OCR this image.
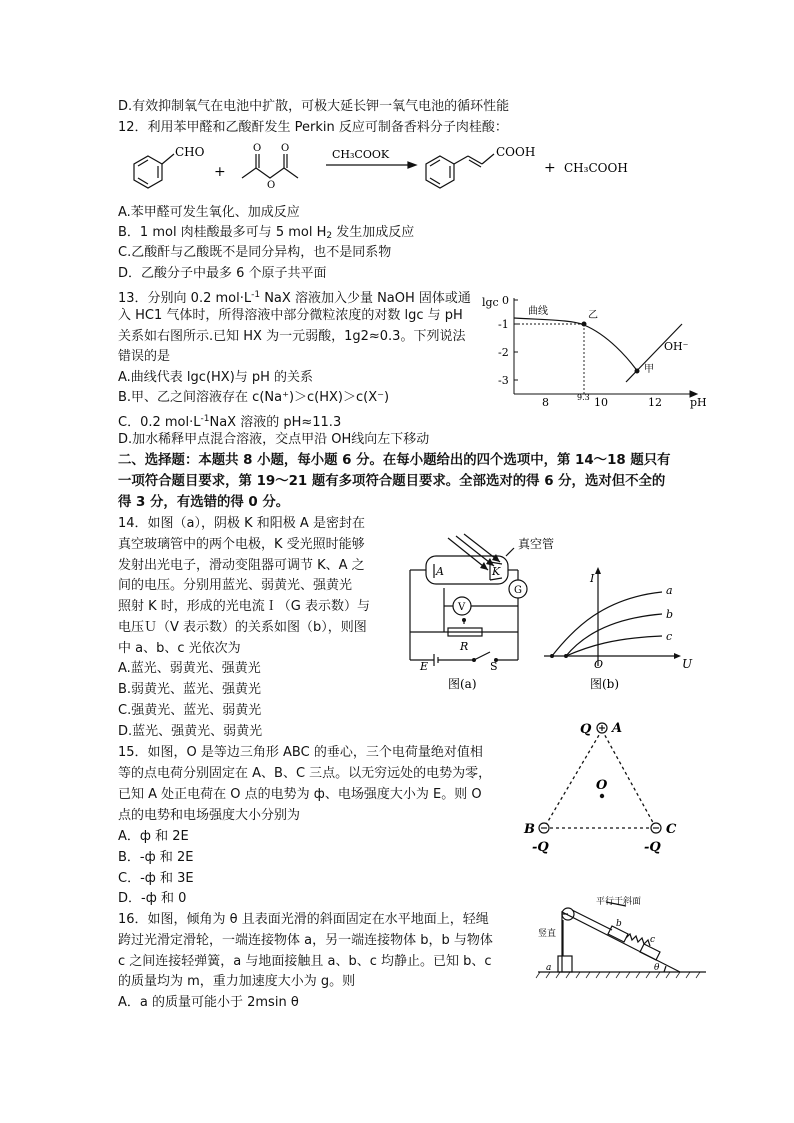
D.有效抑制氧气在电池中扩散，可极大延长钾一氧气电池的循环性能
12．利用苯甲醛和乙酸酐发生 Perkin 反应可制备香料分子肉桂酸：
CHO
+
O
O
O	CH₃COOK	COOH
+ CH₃COOH
A.苯甲醛可发生氧化、加成反应
B．1 mol 肉桂酸最多可与 5 mol $H_2$ 发生加成反应
C.乙酸酐与乙酸既不是同分异构，也不是同系物
D．乙酸分子中最多 6 个原子共平面
13．分别向 0.2 $mol\cdot L^{-1}$ NaX 溶液加入少量 NaOH 固体或通
入 HC1 气体时，所得溶液中部分微粒浓度的对数 lgc 与 pH
关系如右图所示.已知 HX 为一元弱酸，1g2≈0.3。下列说法
错误的是
A.曲线代表 lgc(HX)与 pH 的关系
B.甲、乙之间溶液存在 c(Na⁺)＞c(HX)＞c(X⁻)
C．0.2 $mol\cdot L^{-1}NaX$ 溶液的 pH≈11.3
D.加水稀释甲点混合溶液，交点甲沿 OH线向左下移动
lgc 0
-1
-2
-3
曲线	乙
OH⁻
甲
8	9.3 10	12	pH
二、选择题：本题共 8 小题，每小题 6 分。在每小题给出的四个选项中，第 14～18 题只有
一项符合题目要求，第 19～21 题有多项符合题目要求。全部选对的得 6 分，选对但不全的
得 3 分，有选错的得 0 分。
14．如图（a），阴极 K 和阳极 A 是密封在
真空玻璃管中的两个电极，K 受光照时能够
发射出光电子，滑动变阻器可调节 K、A 之
间的电压。分别用蓝光、弱黄光、强黄光
照射 K 时，形成的光电流Ｉ（G 表示数）与
电压Ｕ（V 表示数）的关系如图（b），则图
中 a、b、c 光依次为
A.蓝光、弱黄光、强黄光
B.弱黄光、蓝光、强黄光
C.强黄光、蓝光、弱黄光
D.蓝光、强黄光、弱黄光
真空管
A	K
G
V
R
E	S
图(a)
I
U
O
a
b
c
图(b)
15．如图，O 是等边三角形 ABC 的垂心，三个电荷量绝对值相
等的点电荷分别固定在 A、B、C 三点。以无穷远处的电势为零，
已知 A 处正电荷在 O 点的电势为 ф、电场强度大小为 E。则 O
点的电势和电场强度大小分别为
A．ф 和 2E
B．-ф 和 2E
C．-ф 和 3E
D．-ф 和 0
Q A
O
B	C
-Q	-Q
16．如图，倾角为 θ 且表面光滑的斜面固定在水平地面上，轻绳
跨过光滑定滑轮，一端连接物体 a，另一端连接物体 b，b 与物体
c 之间连接轻弹簧，a 与地面接触且 a、b、c 均静止。已知 b、c
的质量均为 m，重力加速度大小为 g。则
A．a 的质量可能小于 2msin θ
平行于斜面
竖直
a
b
c
θ
